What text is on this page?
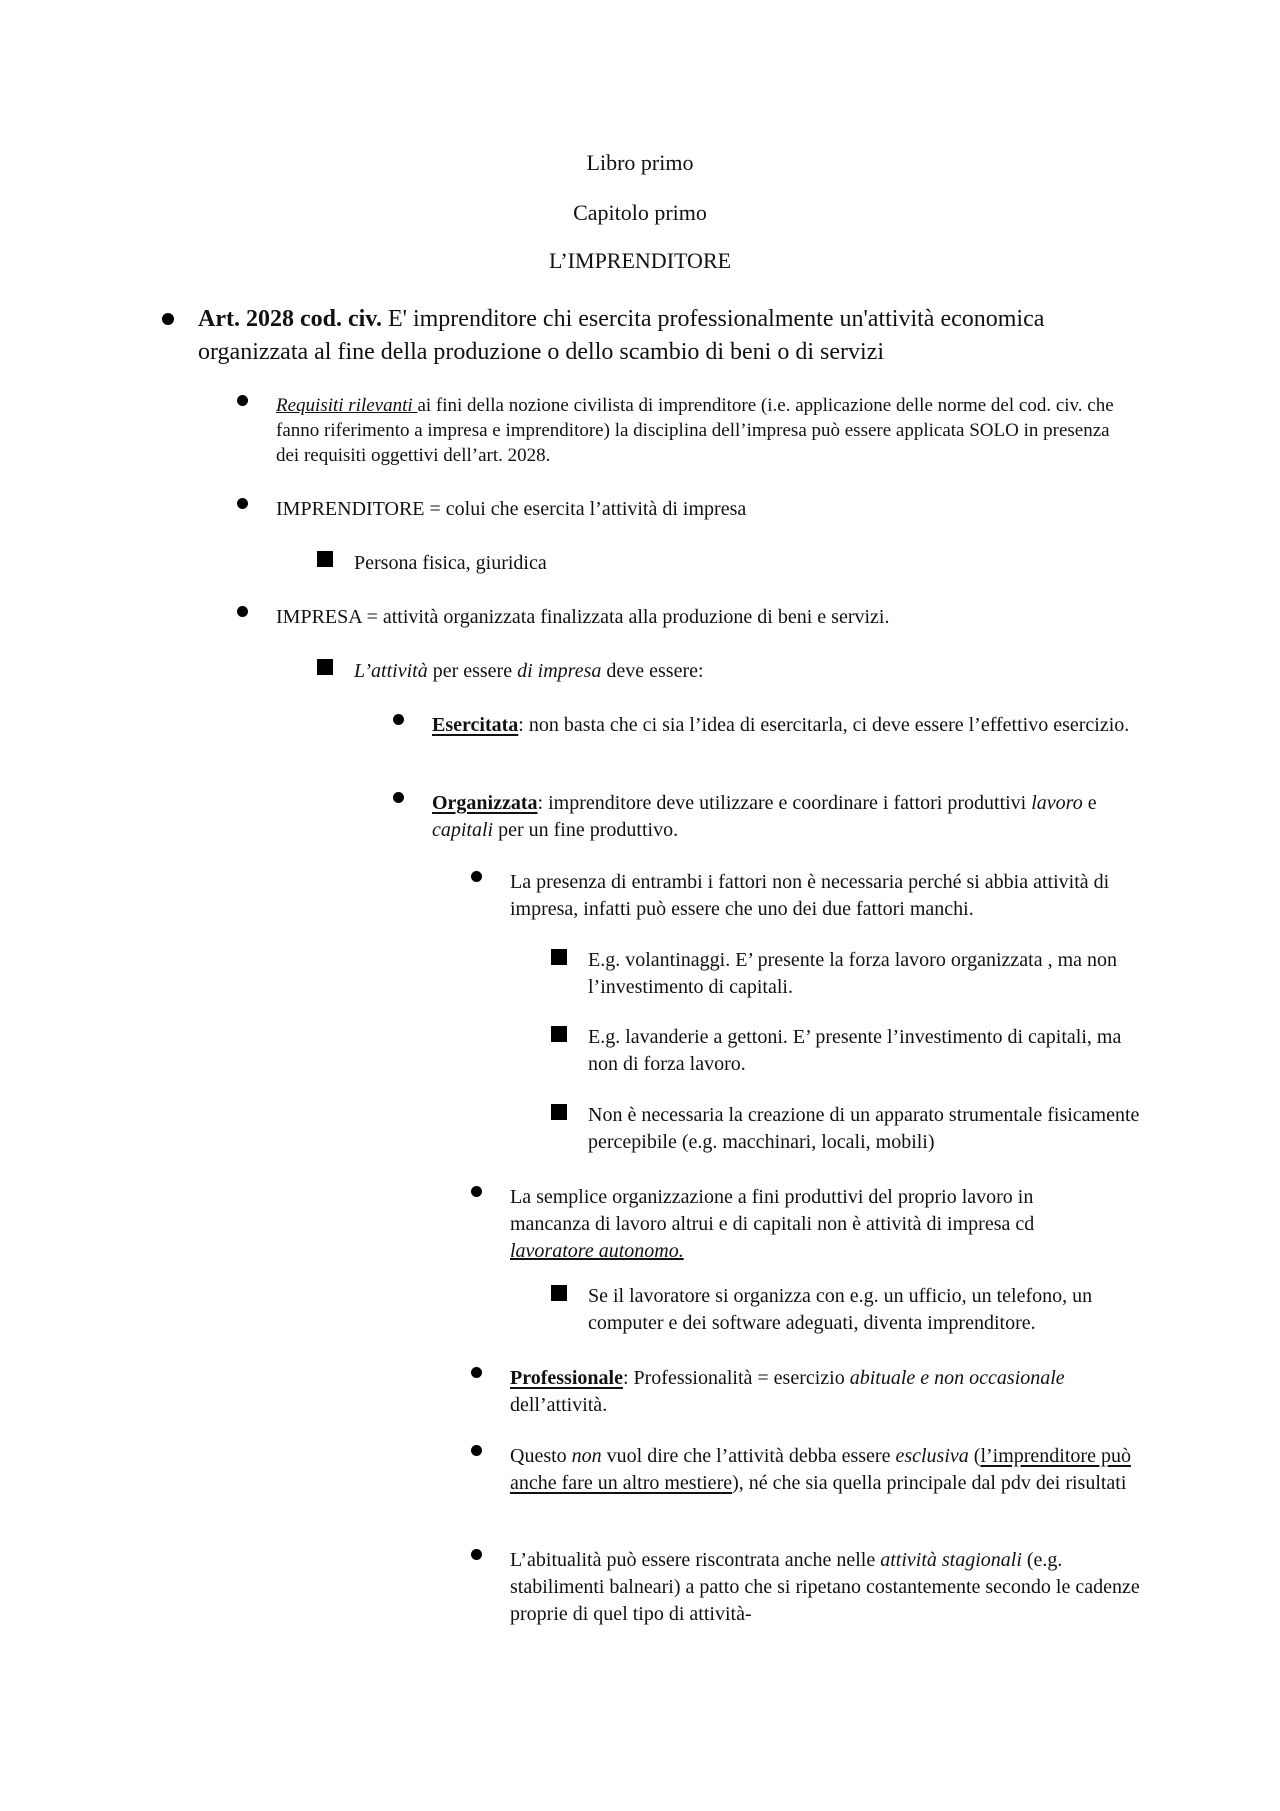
Libro primo
Capitolo primo
L’IMPRENDITORE
Art. 2028 cod. civ. E' imprenditore chi esercita professionalmente un'attività economica organizzata al fine della produzione o dello scambio di beni o di servizi
Requisiti rilevanti ai fini della nozione civilista di imprenditore (i.e. applicazione delle norme del cod. civ. che fanno riferimento a impresa e imprenditore) la disciplina dell’impresa può essere applicata SOLO in presenza dei requisiti oggettivi dell’art. 2028.
IMPRENDITORE = colui che esercita l’attività di impresa
Persona fisica, giuridica
IMPRESA = attività organizzata finalizzata alla produzione di beni e servizi.
L’attività per essere di impresa deve essere:
Esercitata: non basta che ci sia l’idea di esercitarla, ci deve essere l’effettivo esercizio.
Organizzata: imprenditore deve utilizzare e coordinare i fattori produttivi lavoro e capitali per un fine produttivo.
La presenza di entrambi i fattori non è necessaria perché si abbia attività di impresa, infatti può essere che uno dei due fattori manchi.
E.g. volantinaggi. E’ presente la forza lavoro organizzata , ma non l’investimento di capitali.
E.g. lavanderie a gettoni. E’ presente l’investimento di capitali, ma non di forza lavoro.
Non è necessaria la creazione di un apparato strumentale fisicamente percepibile (e.g. macchinari, locali, mobili)
La semplice organizzazione a fini produttivi del proprio lavoro in mancanza di lavoro altrui e di capitali non è attività di impresa cd lavoratore autonomo.
Se il lavoratore si organizza con e.g. un ufficio, un telefono, un computer e dei software adeguati, diventa imprenditore.
Professionale: Professionalità = esercizio abituale e non occasionale dell’attività.
Questo non vuol dire che l’attività debba essere esclusiva (l’imprenditore può anche fare un altro mestiere), né che sia quella principale dal pdv dei risultati
L’abitualità può essere riscontrata anche nelle attività stagionali (e.g. stabilimenti balneari) a patto che si ripetano costantemente secondo le cadenze proprie di quel tipo di attività-
